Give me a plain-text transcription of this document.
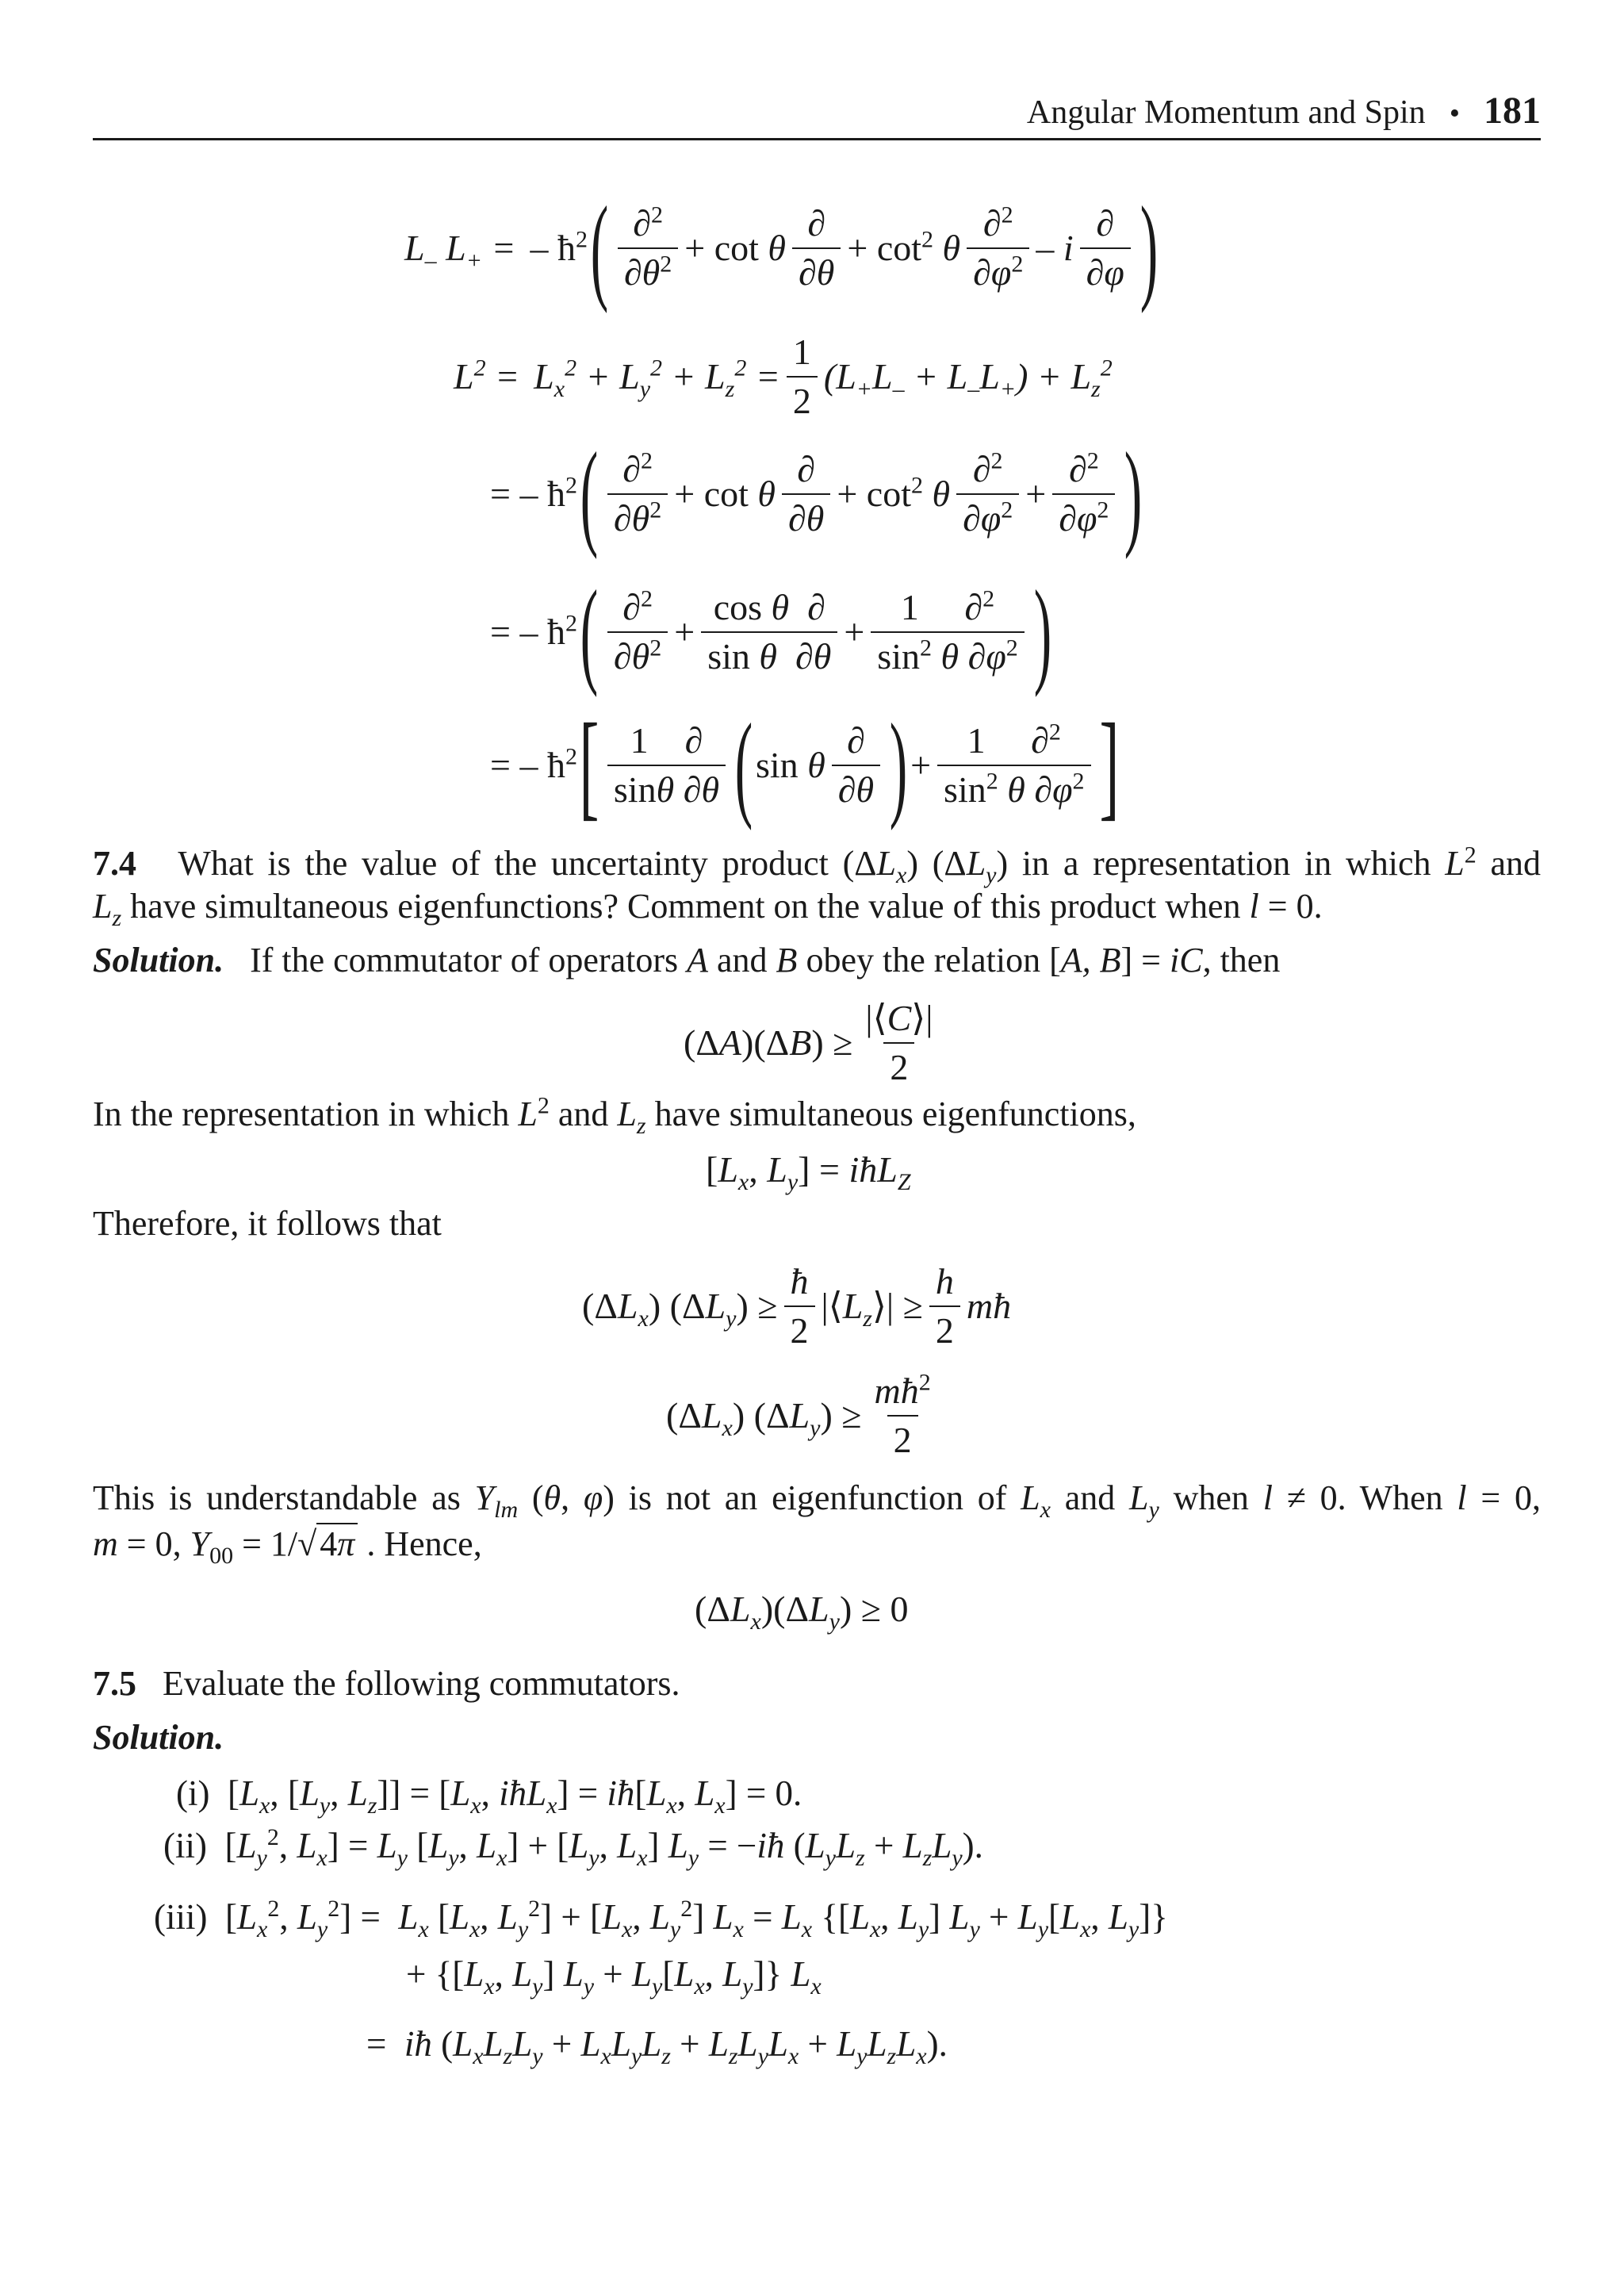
Angular Momentum and Spin • 181
$L_-$ $L_+$ = – $ħ^2$ ( $\frac{\partial^2}{\partial\theta^2} + \cot \theta \frac{\partial}{\partial\theta} + \cot^2 \theta \frac{\partial^2}{\partial\varphi^2} - i \frac{\partial}{\partial\varphi}$ )
$L^2 = L_x^2 + L_y^2 + L_z^2 = \frac{1}{2} (L_+L_- + L_-L_+) + L_z^2$
= – $ħ^2$ ( $\frac{\partial^2}{\partial\theta^2} + \cot \theta \frac{\partial}{\partial\theta} + \cot^2 \theta \frac{\partial^2}{\partial\varphi^2} + \frac{\partial^2}{\partial\varphi^2}$ )
= – $ħ^2$ ( $\frac{\partial^2}{\partial\theta^2} + \frac{\text{cos θ  ∂}}{\text{sin θ  ∂θ}} + \frac{1 \partial^2}{\sin^2 \theta \partial\varphi^2}$ )
= – $ħ^2$ [ $\frac{1 \partial}{\sin\theta \partial\theta}$ ( sin θ $\frac{\partial}{\partial\theta}$ ) + $\frac{1 \partial^2}{\sin^2 \theta \partial\varphi^2}$ ]
7.4   What is the value of the uncertainty product $(\Delta L_x)$ $(\Delta L_y)$ in a representation in which $L^2$ and
$L_z$ have simultaneous eigenfunctions? Comment on the value of this product when l = 0.
Solution.   If the commutator of operators A and B obey the relation [A, B] = iC, then
$(\Delta A)(\Delta B) \ge \frac{|⟨C⟩|}{2}$
In the representation in which $L^2$ and $L_z$ have simultaneous eigenfunctions,
[$L_x$, $L_y$] = iħL$_Z$
Therefore, it follows that
$(\Delta L_x) (\Delta L_y) \ge \frac{ħ}{2}$ $|⟨L_z⟩| \ge \frac{h}{2}$ mħ
$(\Delta L_x) (\Delta L_y) \ge \frac{mħ^2}{2}$
This is understandable as $Y_{lm}$ (θ, φ) is not an eigenfunction of $L_x$ and $L_y$ when l ≠ 0. When l = 0,
m = 0, $Y_{00} = 1/√4\pi$ . Hence,
$(\Delta L_x)(\Delta L_y) \ge 0$
7.5 Evaluate the following commutators.
Solution.
(i)  [$L_x$, [$L_y$, $L_z]] = [L_x$, iħL$_x$] = $iħ[L_x$, $L_x] = 0$.
(ii)  [$L_y^2$, $L_x] = L_y$ [$L_y$, $L_x] + [L_y$, $L_x$] $L_y$ = −iħ $(L_yL_z + L_zL_y)$.
(iii)  [$L_x^2$, $L_y^2] = L_x$ [$L_x$, $L_y^2] + [L_x$, $L_y^2$] $L_x = L_x$ {[$L_x$, $L_y$] $L_y + L_y[L_x$, $L_y$]}
+ {[$L_x$, $L_y$] $L_y + L_y[L_x$, $L_y$]} $L_x$
=  iħ $(L_xL_zL_y + L_xL_yL_z + L_zL_yL_x + L_yL_zL_x)$.
